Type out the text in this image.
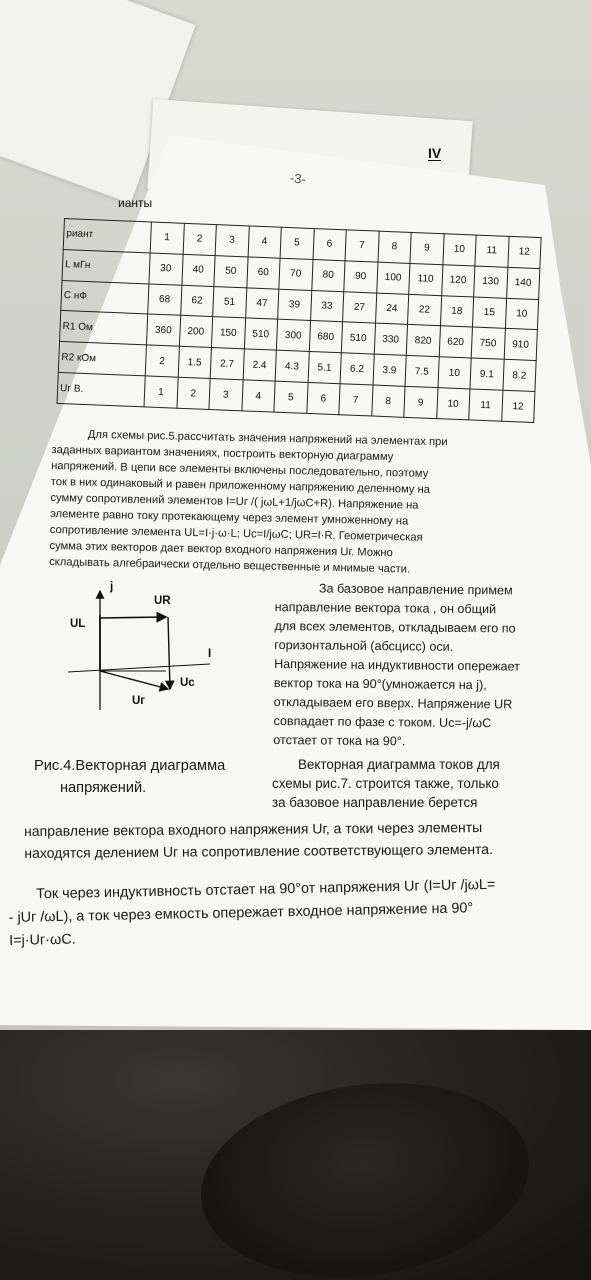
IV
-3-
ианты
риант	1	2	3	4	5	6	7	8	9	10	11	12
L мГн	30	40	50	60	70	80	90	100	110	120	130	140
C нФ	68	62	51	47	39	33	27	24	22	18	15	10
R1 Ом	360	200	150	510	300	680	510	330	820	620	750	910
R2 кОм	2	1.5	2.7	2.4	4.3	5.1	6.2	3.9	7.5	10	9.1	8.2
Uг В.	1	2	3	4	5	6	7	8	9	10	11	12
Для схемы рис.5.рассчитать значения напряжений на элементах при
заданных вариантом значениях, построить векторную диаграмму
напряжений. В цепи все элементы включены последовательно, поэтому
ток в них одинаковый и равен приложенному напряжению деленному на
сумму сопротивлений элементов I=Uг /( jωL+1/jωC+R). Напряжение на
элементе равно току протекающему через элемент умноженному на
сопротивление элемента UL=I·j·ω·L; Uc=I/jωC; UR=I·R. Геометрическая
сумма этих векторов дает вектор входного напряжения Uг. Можно
складывать алгебраически отдельно вещественные и мнимые части.
j
UR
UL
I
Uc
Uг
За базовое направление примем
направление вектора тока , он общий
для всех элементов, откладываем его по
горизонтальной (абсцисс) оси.
Напряжение на индуктивности опережает
вектор тока на 90°(умножается на j),
откладываем его вверх. Напряжение UR
совпадает по фазе с током. Uc=-j/ωC
отстает от тока на 90°.
Рис.4.Векторная диаграмма
напряжений.
Векторная диаграмма токов для
схемы рис.7. строится также, только
за базовое направление берется
направление вектора входного напряжения Uг, а токи через элементы
находятся делением Uг на сопротивление соответствующего элемента.
Ток через индуктивность отстает на 90°от напряжения Uг (I=Uг /jωL=
- jUг /ωL), а ток через емкость опережает входное напряжение на 90°
I=j·Uг·ωC.
